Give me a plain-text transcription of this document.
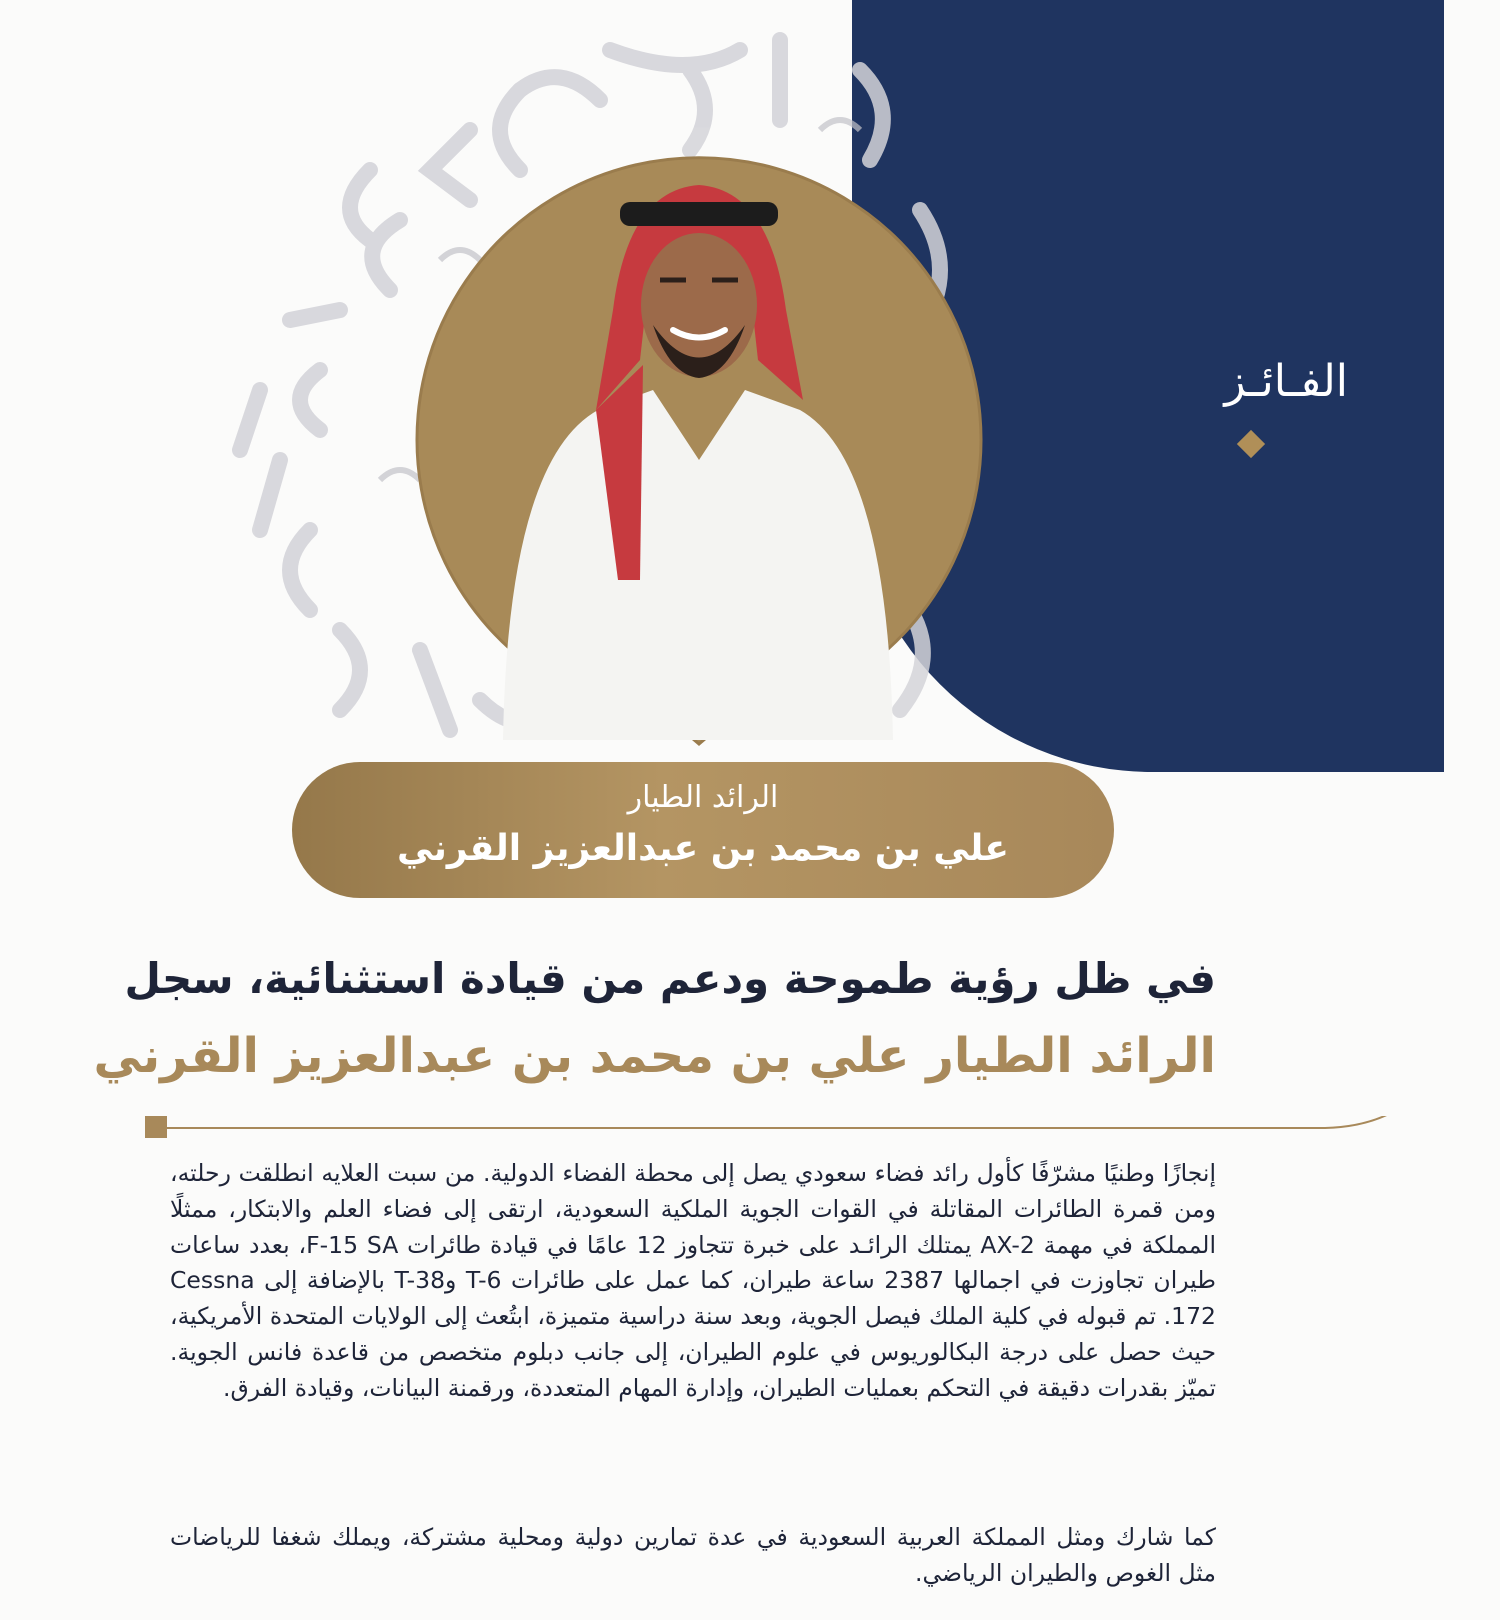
الفـائـز
الرائد الطيار
علي بن محمد بن عبدالعزيز القرني
في ظل رؤية طموحة ودعم من قيادة استثنائية، سجل
الرائد الطيار علي بن محمد بن عبدالعزيز القرني
إنجازًا وطنيًا مشرّفًا كأول رائد فضاء سعودي يصل إلى محطة الفضاء الدولية. من سبت العلايه انطلقت رحلته، ومن قمرة الطائرات المقاتلة في القوات الجوية الملكية السعودية، ارتقى إلى فضاء العلم والابتكار، ممثلًا المملكة في مهمة AX-2 يمتلك الرائـد على خبرة تتجاوز 12 عامًا في قيادة طائرات F-15 SA، بعدد ساعات طيران تجاوزت في اجمالها 2387 ساعة طيران، كما عمل على طائرات T-6 وT-38 بالإضافة إلى Cessna 172. تم قبوله في كلية الملك فيصل الجوية، وبعد سنة دراسية متميزة، ابتُعث إلى الولايات المتحدة الأمريكية، حيث حصل على درجة البكالوريوس في علوم الطيران، إلى جانب دبلوم متخصص من قاعدة فانس الجوية. تميّز بقدرات دقيقة في التحكم بعمليات الطيران، وإدارة المهام المتعددة، ورقمنة البيانات، وقيادة الفرق.
كما شارك ومثل المملكة العربية السعودية في عدة تمارين دولية ومحلية مشتركة، ويملك شغفا للرياضات مثل الغوص والطيران الرياضي.
